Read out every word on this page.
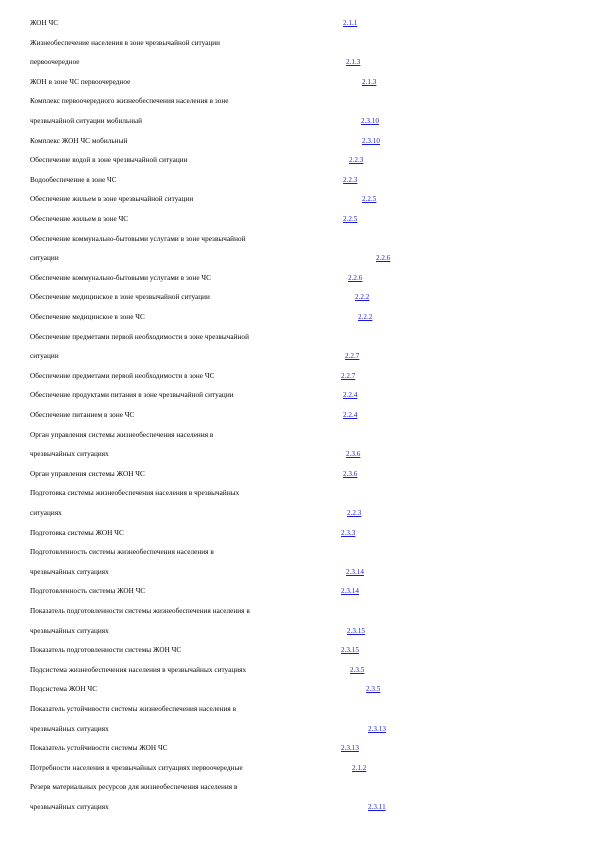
ЖОН ЧС	2.1.1
Жизнеобеспечение населения в зоне чрезвычайной ситуации
первоочередное	2.1.3
ЖОН в зоне ЧС первоочередное	2.1.3
Комплекс первоочередного жизнеобеспечения населения в зоне
чрезвычайной ситуации мобильный	2.3.10
Комплекс ЖОН ЧС мобильный	2.3.10
Обеспечение водой в зоне чрезвычайной ситуации	2.2.3
Водообеспечение в зоне ЧС	2.2.3
Обеспечение жильем в зоне чрезвычайной ситуации	2.2.5
Обеспечение жильем в зоне ЧС	2.2.5
Обеспечение коммунально-бытовыми услугами в зоне чрезвычайной
ситуации	2.2.6
Обеспечение коммунально-бытовыми услугами в зоне ЧС	2.2.6
Обеспечение медицинское в зоне чрезвычайной ситуации	2.2.2
Обеспечение медицинское в зоне ЧС	2.2.2
Обеспечение предметами первой необходимости в зоне чрезвычайной
ситуации	2.2.7
Обеспечение предметами первой необходимости в зоне ЧС	2.2.7
Обеспечение продуктами питания в зоне чрезвычайной ситуации	2.2.4
Обеспечение питанием в зоне ЧС	2.2.4
Орган управления системы жизнеобеспечения населения в
чрезвычайных ситуациях	2.3.6
Орган управления системы ЖОН ЧС	2.3.6
Подготовка системы жизнеобеспечения населения в чрезвычайных
ситуациях	2.2.3
Подготовка системы ЖОН ЧС	2.3.3
Подготовленность системы жизнеобеспечения населения в
чрезвычайных ситуациях	2.3.14
Подготовленность системы ЖОН ЧС	2.3.14
Показатель подготовленности системы жизнеобеспечения населения в
чрезвычайных ситуациях	2.3.15
Показатель подготовленности системы ЖОН ЧС	2.3.15
Подсистема жизнеобеспечения населения в чрезвычайных ситуациях	2.3.5
Подсистема ЖОН ЧС	2.3.5
Показатель устойчивости системы жизнеобеспечения населения в
чрезвычайных ситуациях	2.3.13
Показатель устойчивости системы ЖОН ЧС	2.3.13
Потребности населения в чрезвычайных ситуациях первоочередные	2.1.2
Резерв материальных ресурсов для жизнеобеспечения населения в
чрезвычайных ситуациях	2.3.11
